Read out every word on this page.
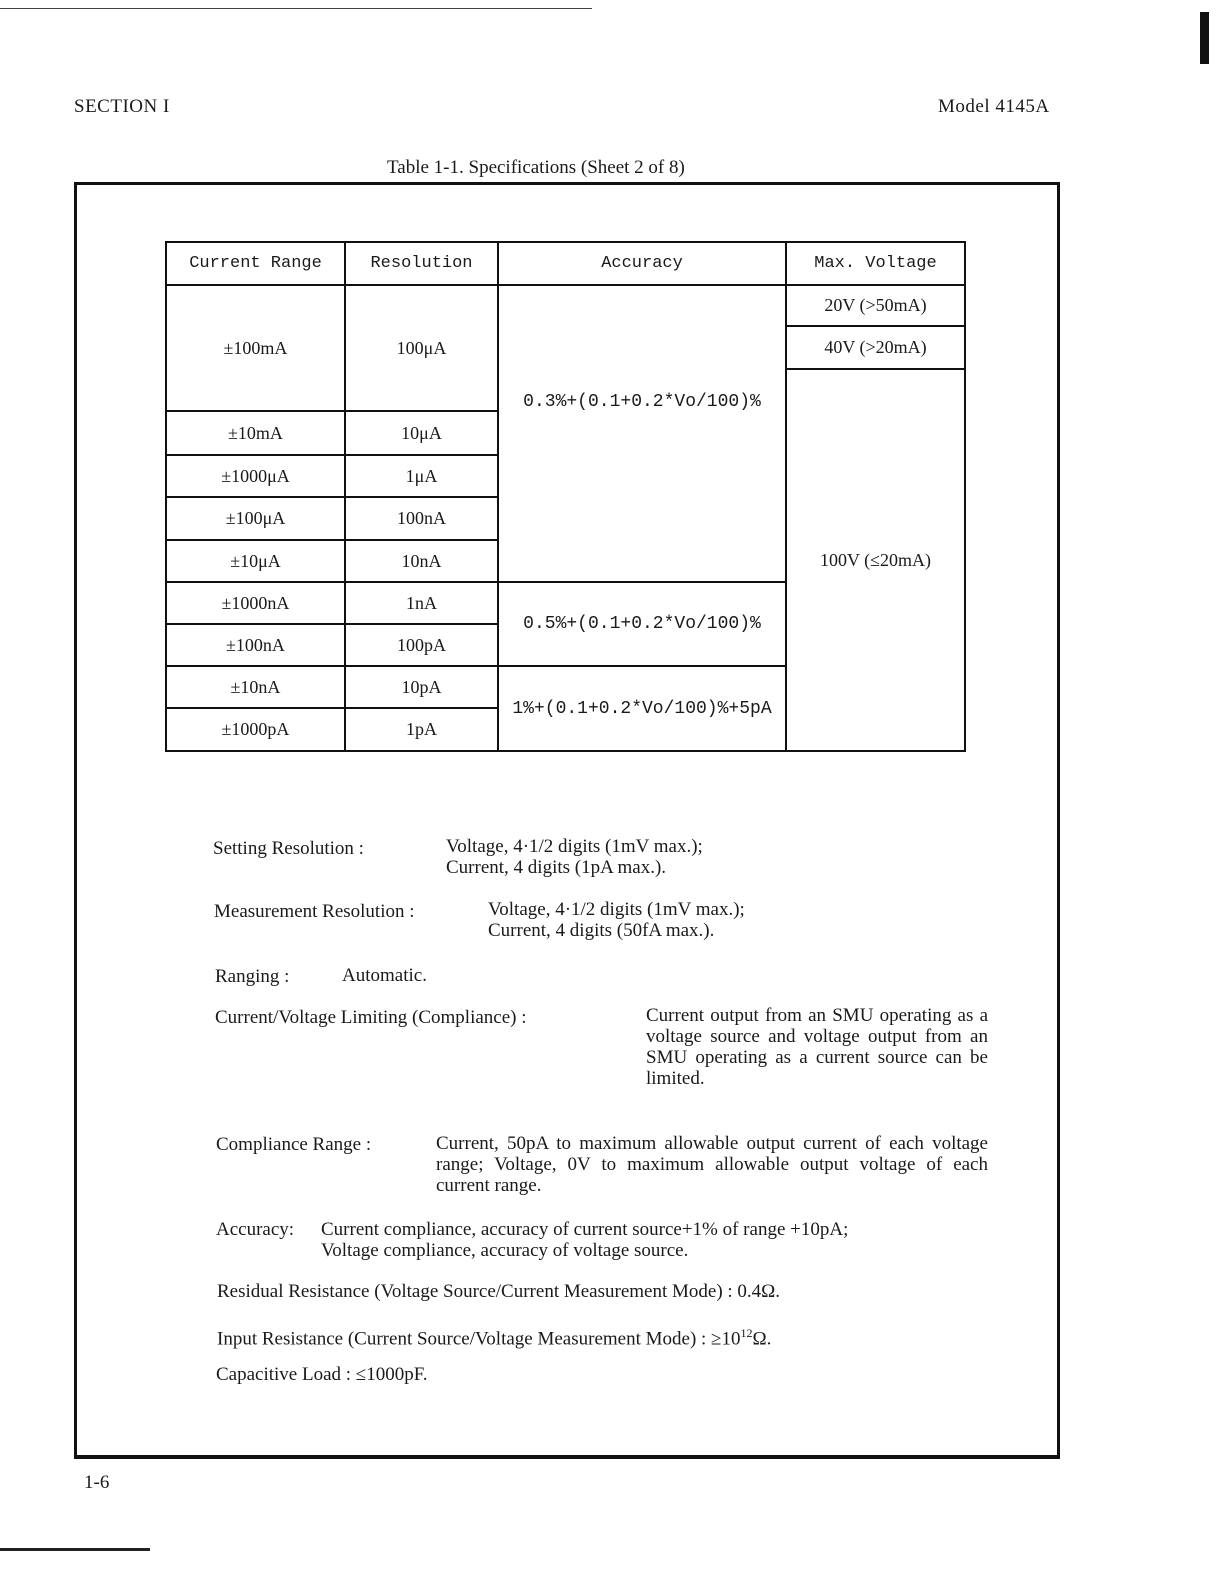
SECTION I	Model 4145A
Table 1-1. Specifications (Sheet 2 of 8)
Current Range	Resolution	Accuracy	Max. Voltage
±100mA	100μA	0.3%+(0.1+0.2*Vo/100)%	20V (>50mA)
			40V (>20mA)
			100V (≤20mA)
±10mA	10μA		
±1000μA	1μA		
±100μA	100nA		
±10μA	10nA		
±1000nA	1nA	0.5%+(0.1+0.2*Vo/100)%	
±100nA	100pA		
±10nA	10pA	1%+(0.1+0.2*Vo/100)%+5pA	
±1000pA	1pA		
Setting Resolution :	Voltage, 4·1/2 digits (1mV max.);
Current, 4 digits (1pA max.).
Measurement Resolution :	Voltage, 4·1/2 digits (1mV max.);
Current, 4 digits (50fA max.).
Ranging :	Automatic.
Current/Voltage Limiting (Compliance) :	Current output from an SMU operating as a voltage source and voltage output from an SMU operating as a current source can be limited.
Compliance Range :	Current, 50pA to maximum allowable output current of each voltage range; Voltage, 0V to maximum allowable output voltage of each current range.
Accuracy: Current compliance, accuracy of current source+1% of range +10pA;
Voltage compliance, accuracy of voltage source.
Residual Resistance (Voltage Source/Current Measurement Mode) : 0.4Ω.
Input Resistance (Current Source/Voltage Measurement Mode) : $\ge 10^{12}\Omega$.
Capacitive Load : ≤1000pF.
1-6
